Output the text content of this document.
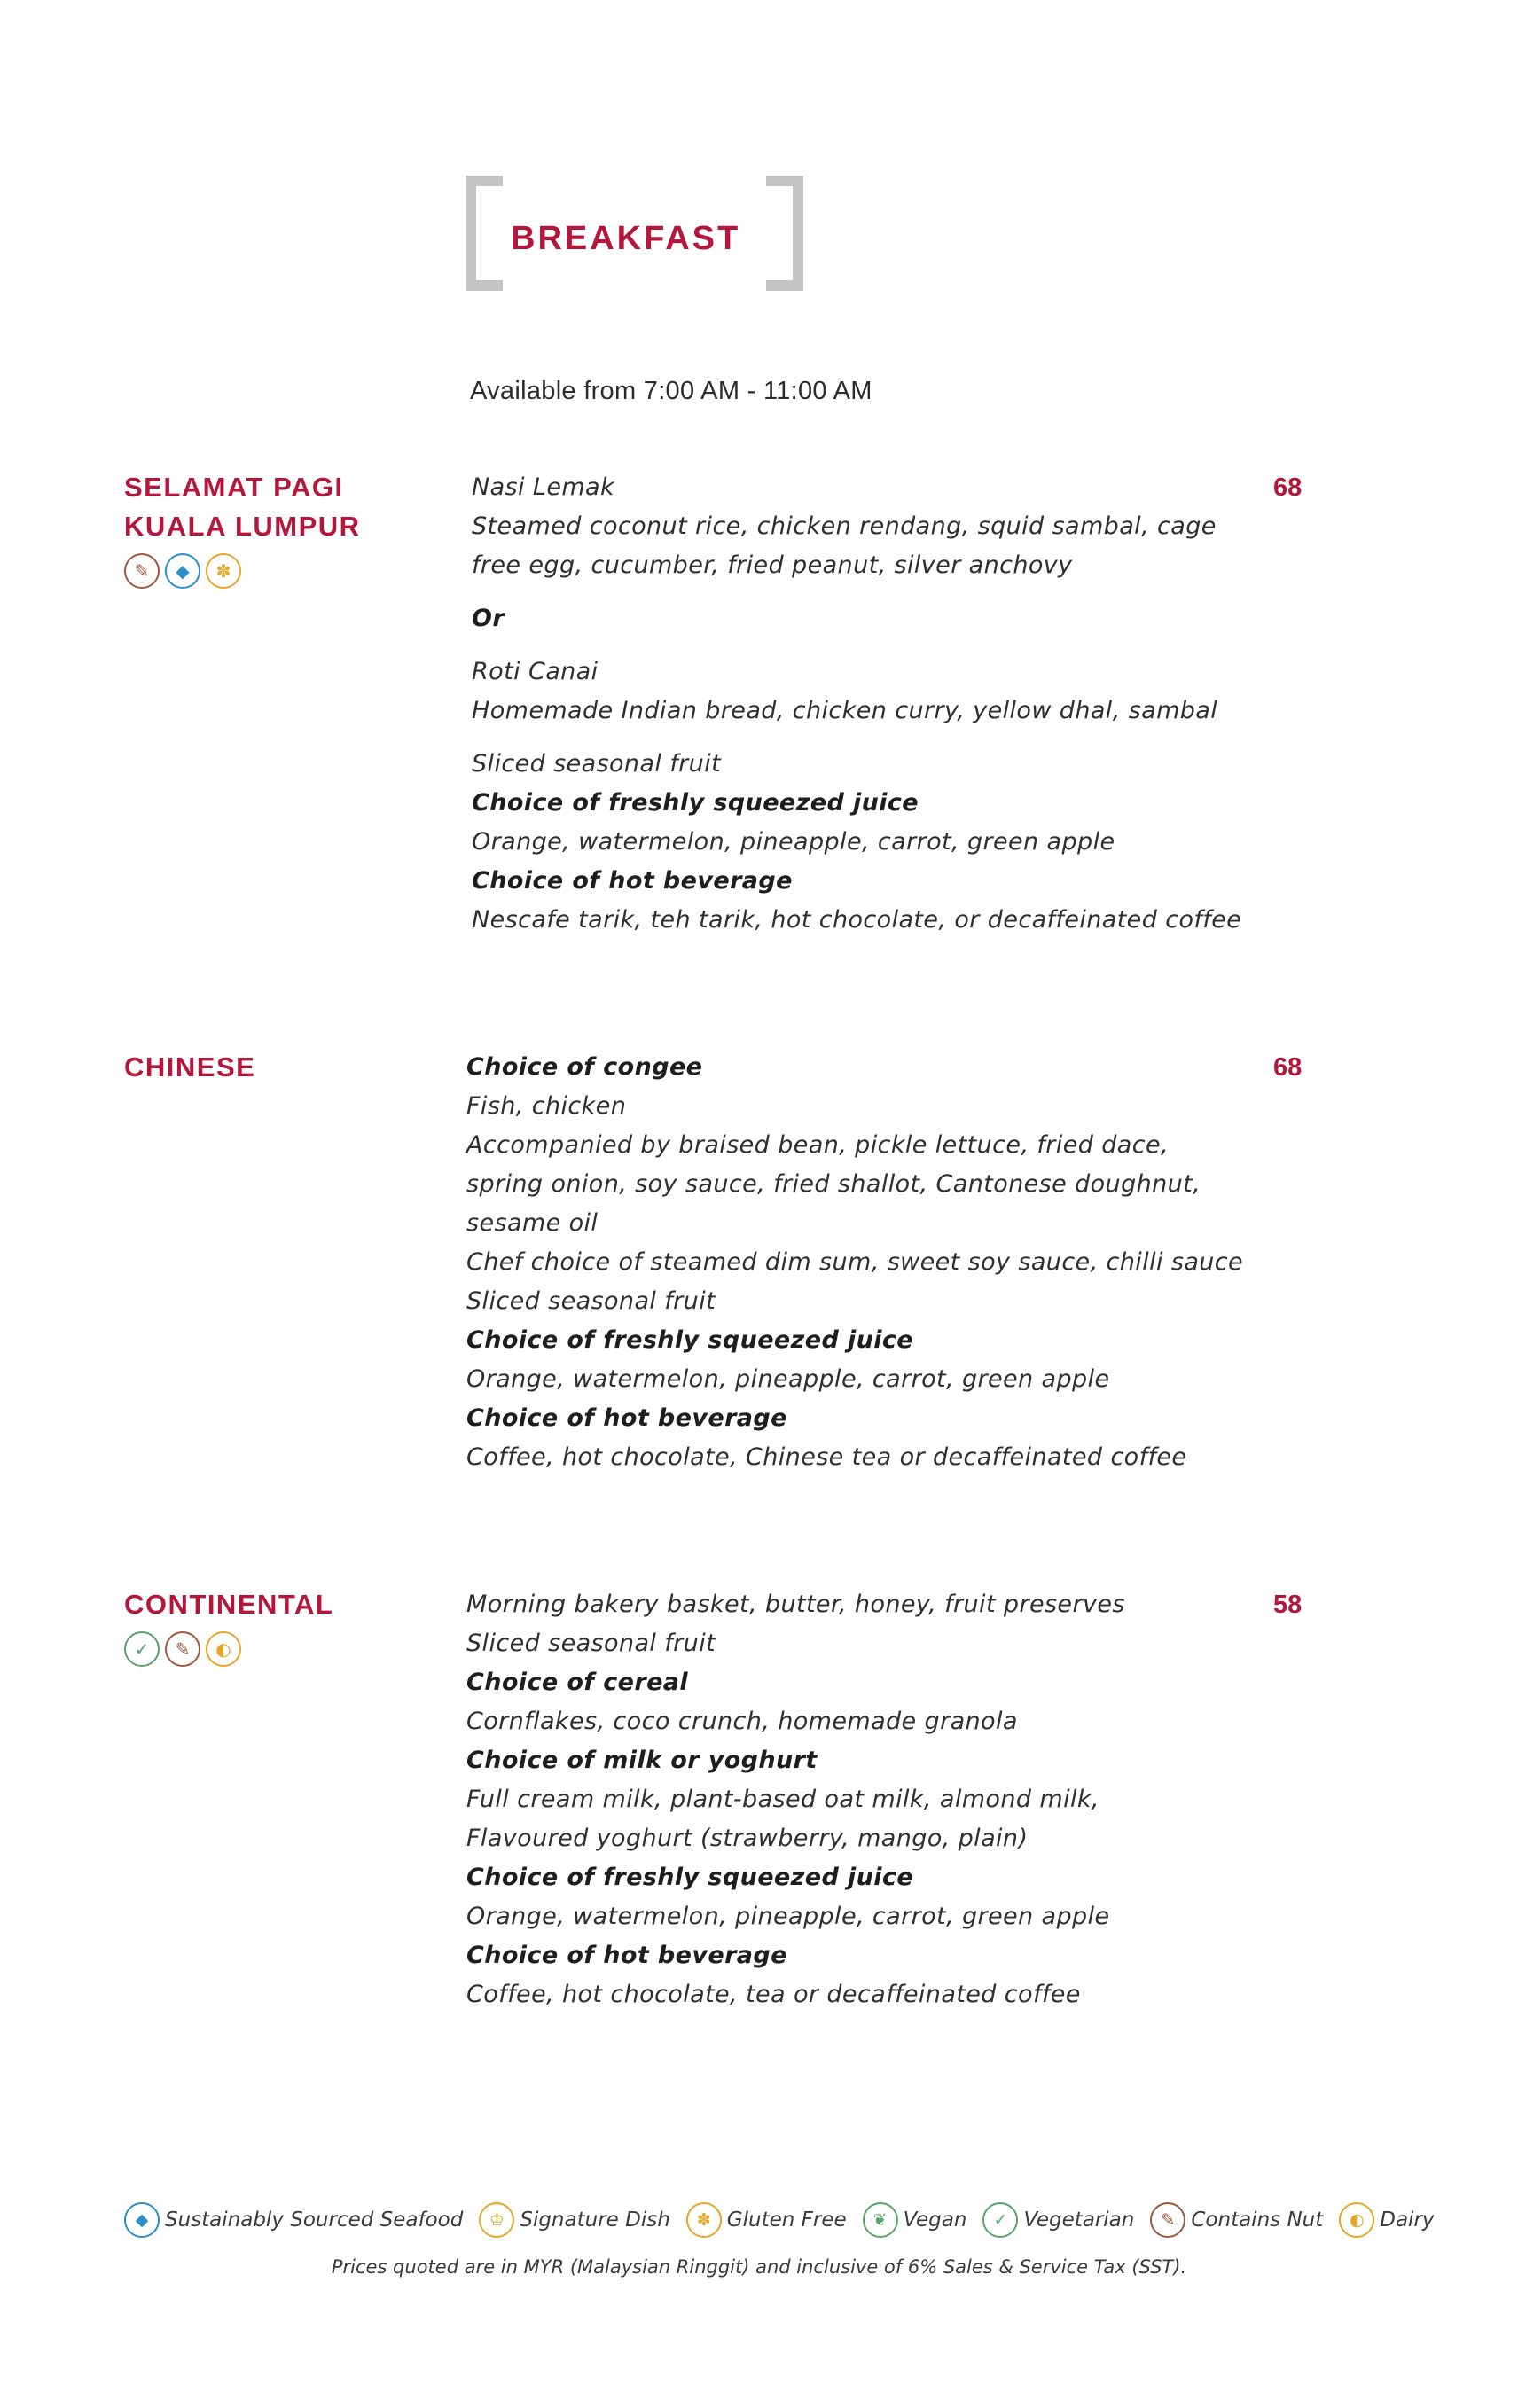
BREAKFAST
Available from 7:00 AM - 11:00 AM
SELAMAT PAGI
KUALA LUMPUR
✎	◆	✽
68
Nasi Lemak
Steamed coconut rice, chicken rendang, squid sambal, cage
free egg, cucumber, fried peanut, silver anchovy
Or
Roti Canai
Homemade Indian bread, chicken curry, yellow dhal, sambal
Sliced seasonal fruit
Choice of freshly squeezed juice
Orange, watermelon, pineapple, carrot, green apple
Choice of hot beverage
Nescafe tarik, teh tarik, hot chocolate, or decaffeinated coffee
CHINESE	68
Choice of congee
Fish, chicken
Accompanied by braised bean, pickle lettuce, fried dace,
spring onion, soy sauce, fried shallot, Cantonese doughnut,
sesame oil
Chef choice of steamed dim sum, sweet soy sauce, chilli sauce
Sliced seasonal fruit
Choice of freshly squeezed juice
Orange, watermelon, pineapple, carrot, green apple
Choice of hot beverage
Coffee, hot chocolate, Chinese tea or decaffeinated coffee
CONTINENTAL
✓	✎	◐
58
Morning bakery basket, butter, honey, fruit preserves
Sliced seasonal fruit
Choice of cereal
Cornflakes, coco crunch, homemade granola
Choice of milk or yoghurt
Full cream milk, plant-based oat milk, almond milk,
Flavoured yoghurt (strawberry, mango, plain)
Choice of freshly squeezed juice
Orange, watermelon, pineapple, carrot, green apple
Choice of hot beverage
Coffee, hot chocolate, tea or decaffeinated coffee
◆ Sustainably Sourced Seafood	♔ Signature Dish	✽ Gluten Free	❦ Vegan	✓ Vegetarian	✎ Contains Nut	◐ Dairy
Prices quoted are in MYR (Malaysian Ringgit) and inclusive of 6% Sales & Service Tax (SST).
